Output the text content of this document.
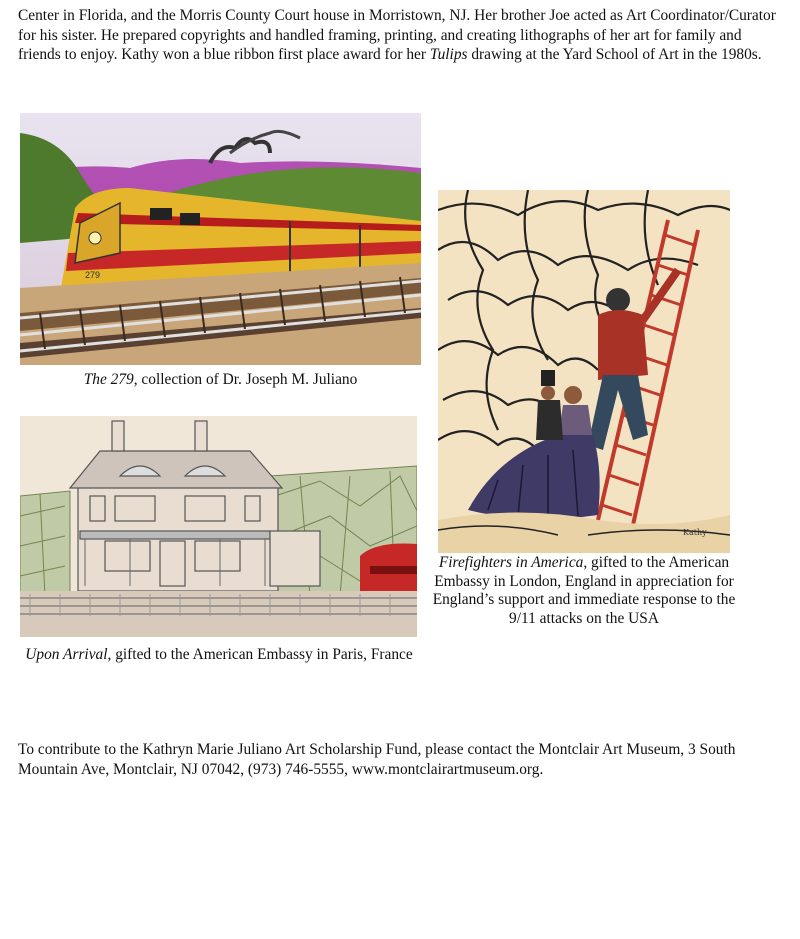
Center in Florida, and the Morris County Court house in Morristown, NJ. Her brother Joe acted as Art Coordinator/Curator for his sister. He prepared copyrights and handled framing, printing, and creating lithographs of her art for family and friends to enjoy. Kathy won a blue ribbon first place award for her Tulips drawing at the Yard School of Art in the 1980s.

279

The 279, collection of Dr. Joseph M. Juliano

Upon Arrival, gifted to the American Embassy in Paris, France

Kathy

Firefighters in America, gifted to the American Embassy in London, England in appreciation for England’s support and immediate response to the 9/11 attacks on the USA

To contribute to the Kathryn Marie Juliano Art Scholarship Fund, please contact the Montclair Art Museum, 3 South Mountain Ave, Montclair, NJ 07042, (973) 746-5555, www.montclairartmuseum.org.
